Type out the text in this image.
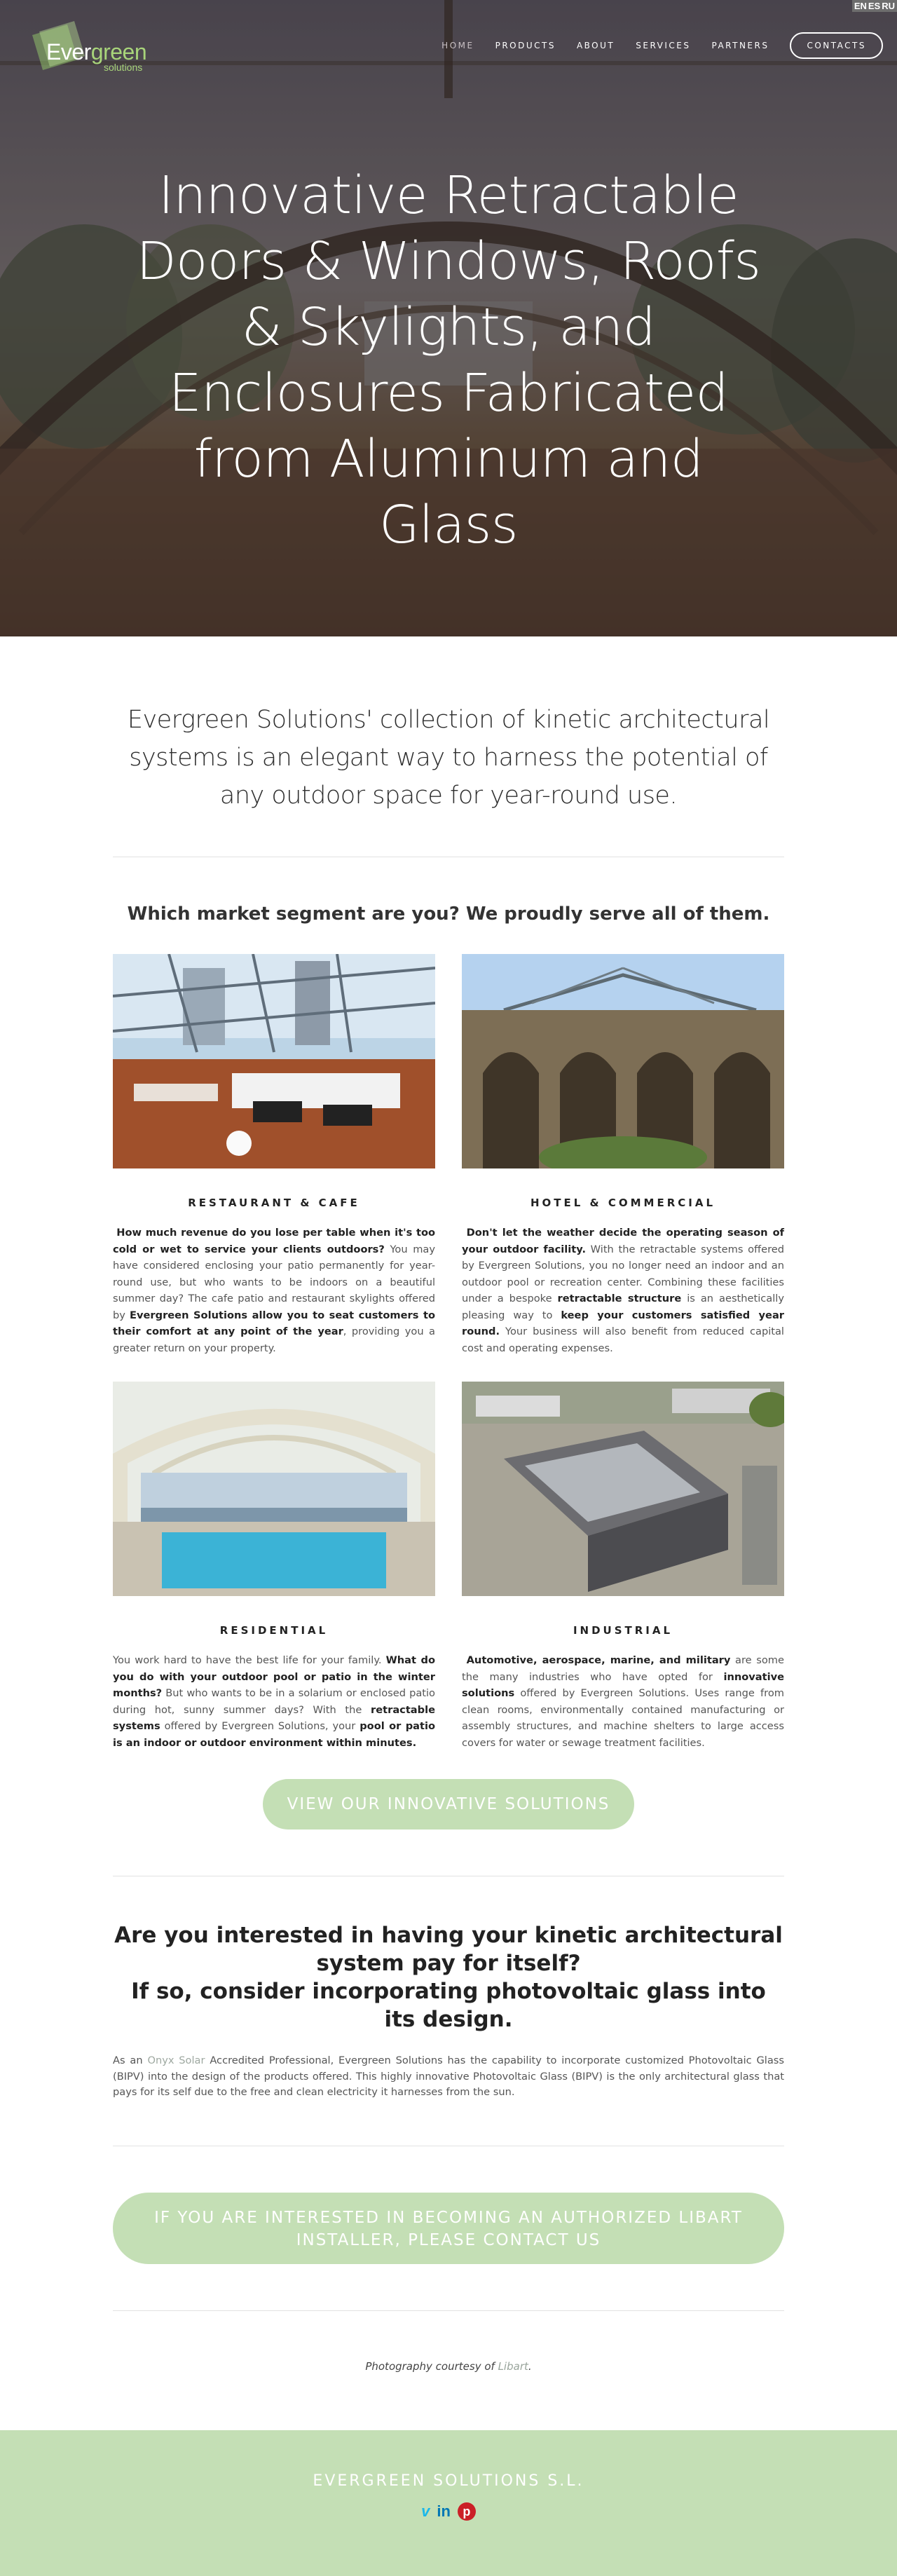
EN ES RU
Evergreen
solutions
HOME	PRODUCTS	ABOUT	SERVICES	PARTNERS	CONTACTS
Innovative Retractable Doors & Windows, Roofs & Skylights, and Enclosures Fabricated from Aluminum and Glass

Evergreen Solutions' collection of kinetic architectural systems is an elegant way to harness the potential of any outdoor space for year-round use.

Which market segment are you? We proudly serve all of them.
RESTAURANT & CAFE

How much revenue do you lose per table when it's too cold or wet to service your clients outdoors? You may have considered enclosing your patio permanently for year-round use, but who wants to be indoors on a beautiful summer day? The cafe patio and restaurant skylights offered by Evergreen Solutions allow you to seat customers to their comfort at any point of the year, providing you a greater return on your property.

HOTEL & COMMERCIAL

Don't let the weather decide the operating season of your outdoor facility. With the retractable systems offered by Evergreen Solutions, you no longer need an indoor and an outdoor pool or recreation center. Combining these facilities under a bespoke retractable structure is an aesthetically pleasing way to keep your customers satisfied year round. Your business will also benefit from reduced capital cost and operating expenses.

RESIDENTIAL

You work hard to have the best life for your family. What do you do with your outdoor pool or patio in the winter months? But who wants to be in a solarium or enclosed patio during hot, sunny summer days? With the retractable systems offered by Evergreen Solutions, your pool or patio is an indoor or outdoor environment within minutes.

INDUSTRIAL

Automotive, aerospace, marine, and military are some the many industries who have opted for innovative solutions offered by Evergreen Solutions. Uses range from clean rooms, environmentally contained manufacturing or assembly structures, and machine shelters to large access covers for water or sewage treatment facilities.

VIEW OUR INNOVATIVE SOLUTIONS
Are you interested in having your kinetic architectural system pay for itself?
If so, consider incorporating photovoltaic glass into its design.

As an Onyx Solar Accredited Professional, Evergreen Solutions has the capability to incorporate customized Photovoltaic Glass (BIPV) into the design of the products offered. This highly innovative Photovoltaic Glass (BIPV) is the only architectural glass that pays for its self due to the free and clean electricity it harnesses from the sun.

IF YOU ARE INTERESTED IN BECOMING AN AUTHORIZED LIBART INSTALLER, PLEASE CONTACT US

Photography courtesy of Libart.

EVERGREEN SOLUTIONS S.L.
v in p
